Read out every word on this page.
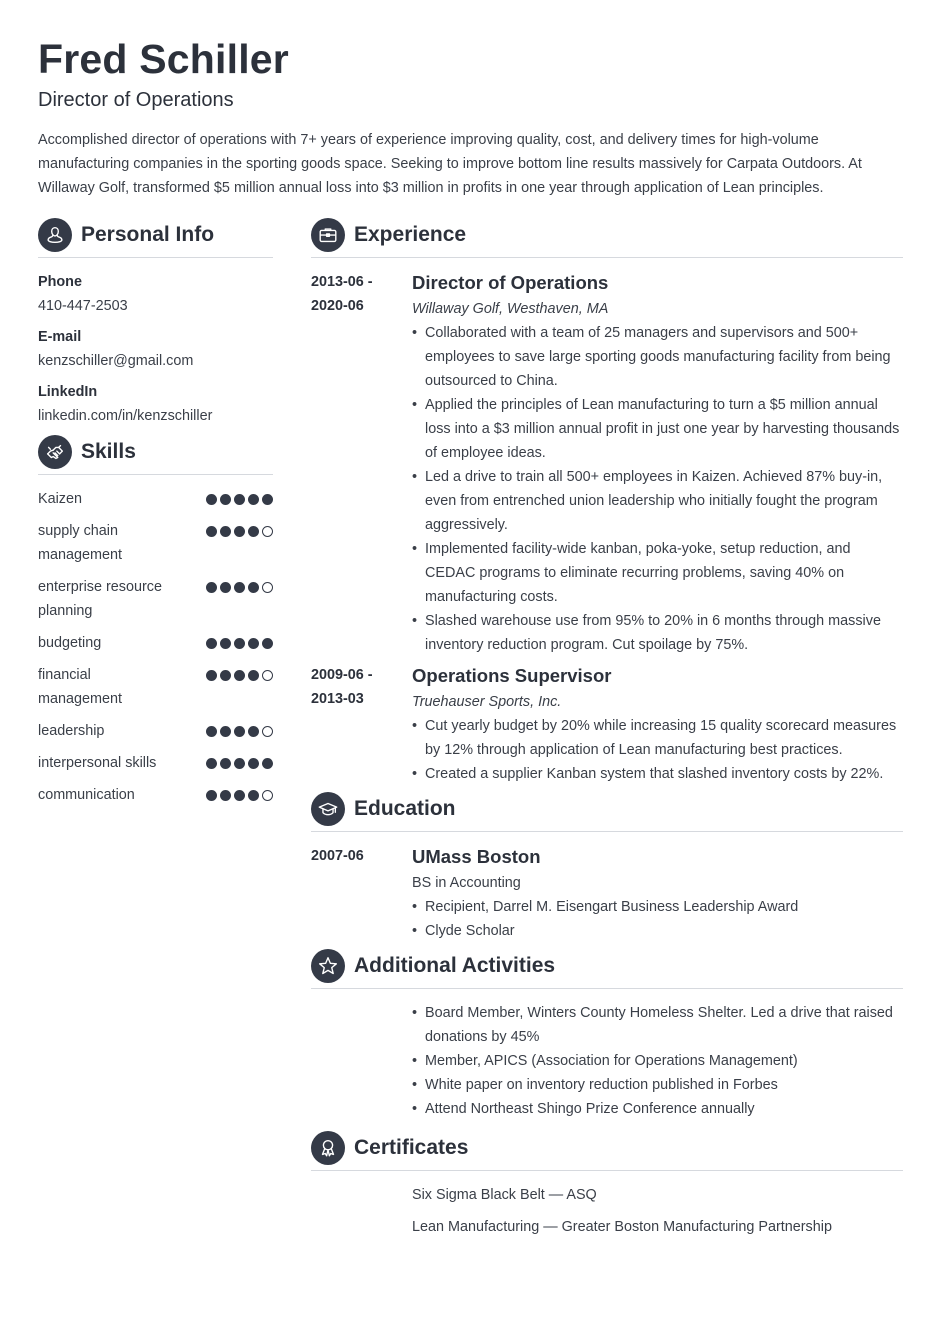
Fred Schiller
Director of Operations
Accomplished director of operations with 7+ years of experience improving quality, cost, and delivery times for high-volume manufacturing companies in the sporting goods space. Seeking to improve bottom line results massively for Carpata Outdoors. At Willaway Golf, transformed $5 million annual loss into $3 million in profits in one year through application of Lean principles.
Personal Info
Phone
410-447-2503
E-mail
kenzschiller@gmail.com
LinkedIn
linkedin.com/in/kenzschiller
Skills
Kaizen
supply chain management
enterprise resource planning
budgeting
financial management
leadership
interpersonal skills
communication
Experience
2013-06 -
2020-06
Director of Operations
Willaway Golf, Westhaven, MA
• Collaborated with a team of 25 managers and supervisors and 500+ employees to save large sporting goods manufacturing facility from being outsourced to China.
• Applied the principles of Lean manufacturing to turn a $5 million annual loss into a $3 million annual profit in just one year by harvesting thousands of employee ideas.
• Led a drive to train all 500+ employees in Kaizen. Achieved 87% buy-in, even from entrenched union leadership who initially fought the program aggressively.
• Implemented facility-wide kanban, poka-yoke, setup reduction, and CEDAC programs to eliminate recurring problems, saving 40% on manufacturing costs.
• Slashed warehouse use from 95% to 20% in 6 months through massive inventory reduction program. Cut spoilage by 75%.
2009-06 -
2013-03
Operations Supervisor
Truehauser Sports, Inc.
• Cut yearly budget by 20% while increasing 15 quality scorecard measures by 12% through application of Lean manufacturing best practices.
• Created a supplier Kanban system that slashed inventory costs by 22%.
Education
2007-06	UMass Boston
BS in Accounting
• Recipient, Darrel M. Eisengart Business Leadership Award
• Clyde Scholar
Additional Activities
• Board Member, Winters County Homeless Shelter. Led a drive that raised donations by 45%
• Member, APICS (Association for Operations Management)
• White paper on inventory reduction published in Forbes
• Attend Northeast Shingo Prize Conference annually
Certificates
Six Sigma Black Belt — ASQ
Lean Manufacturing — Greater Boston Manufacturing Partnership
